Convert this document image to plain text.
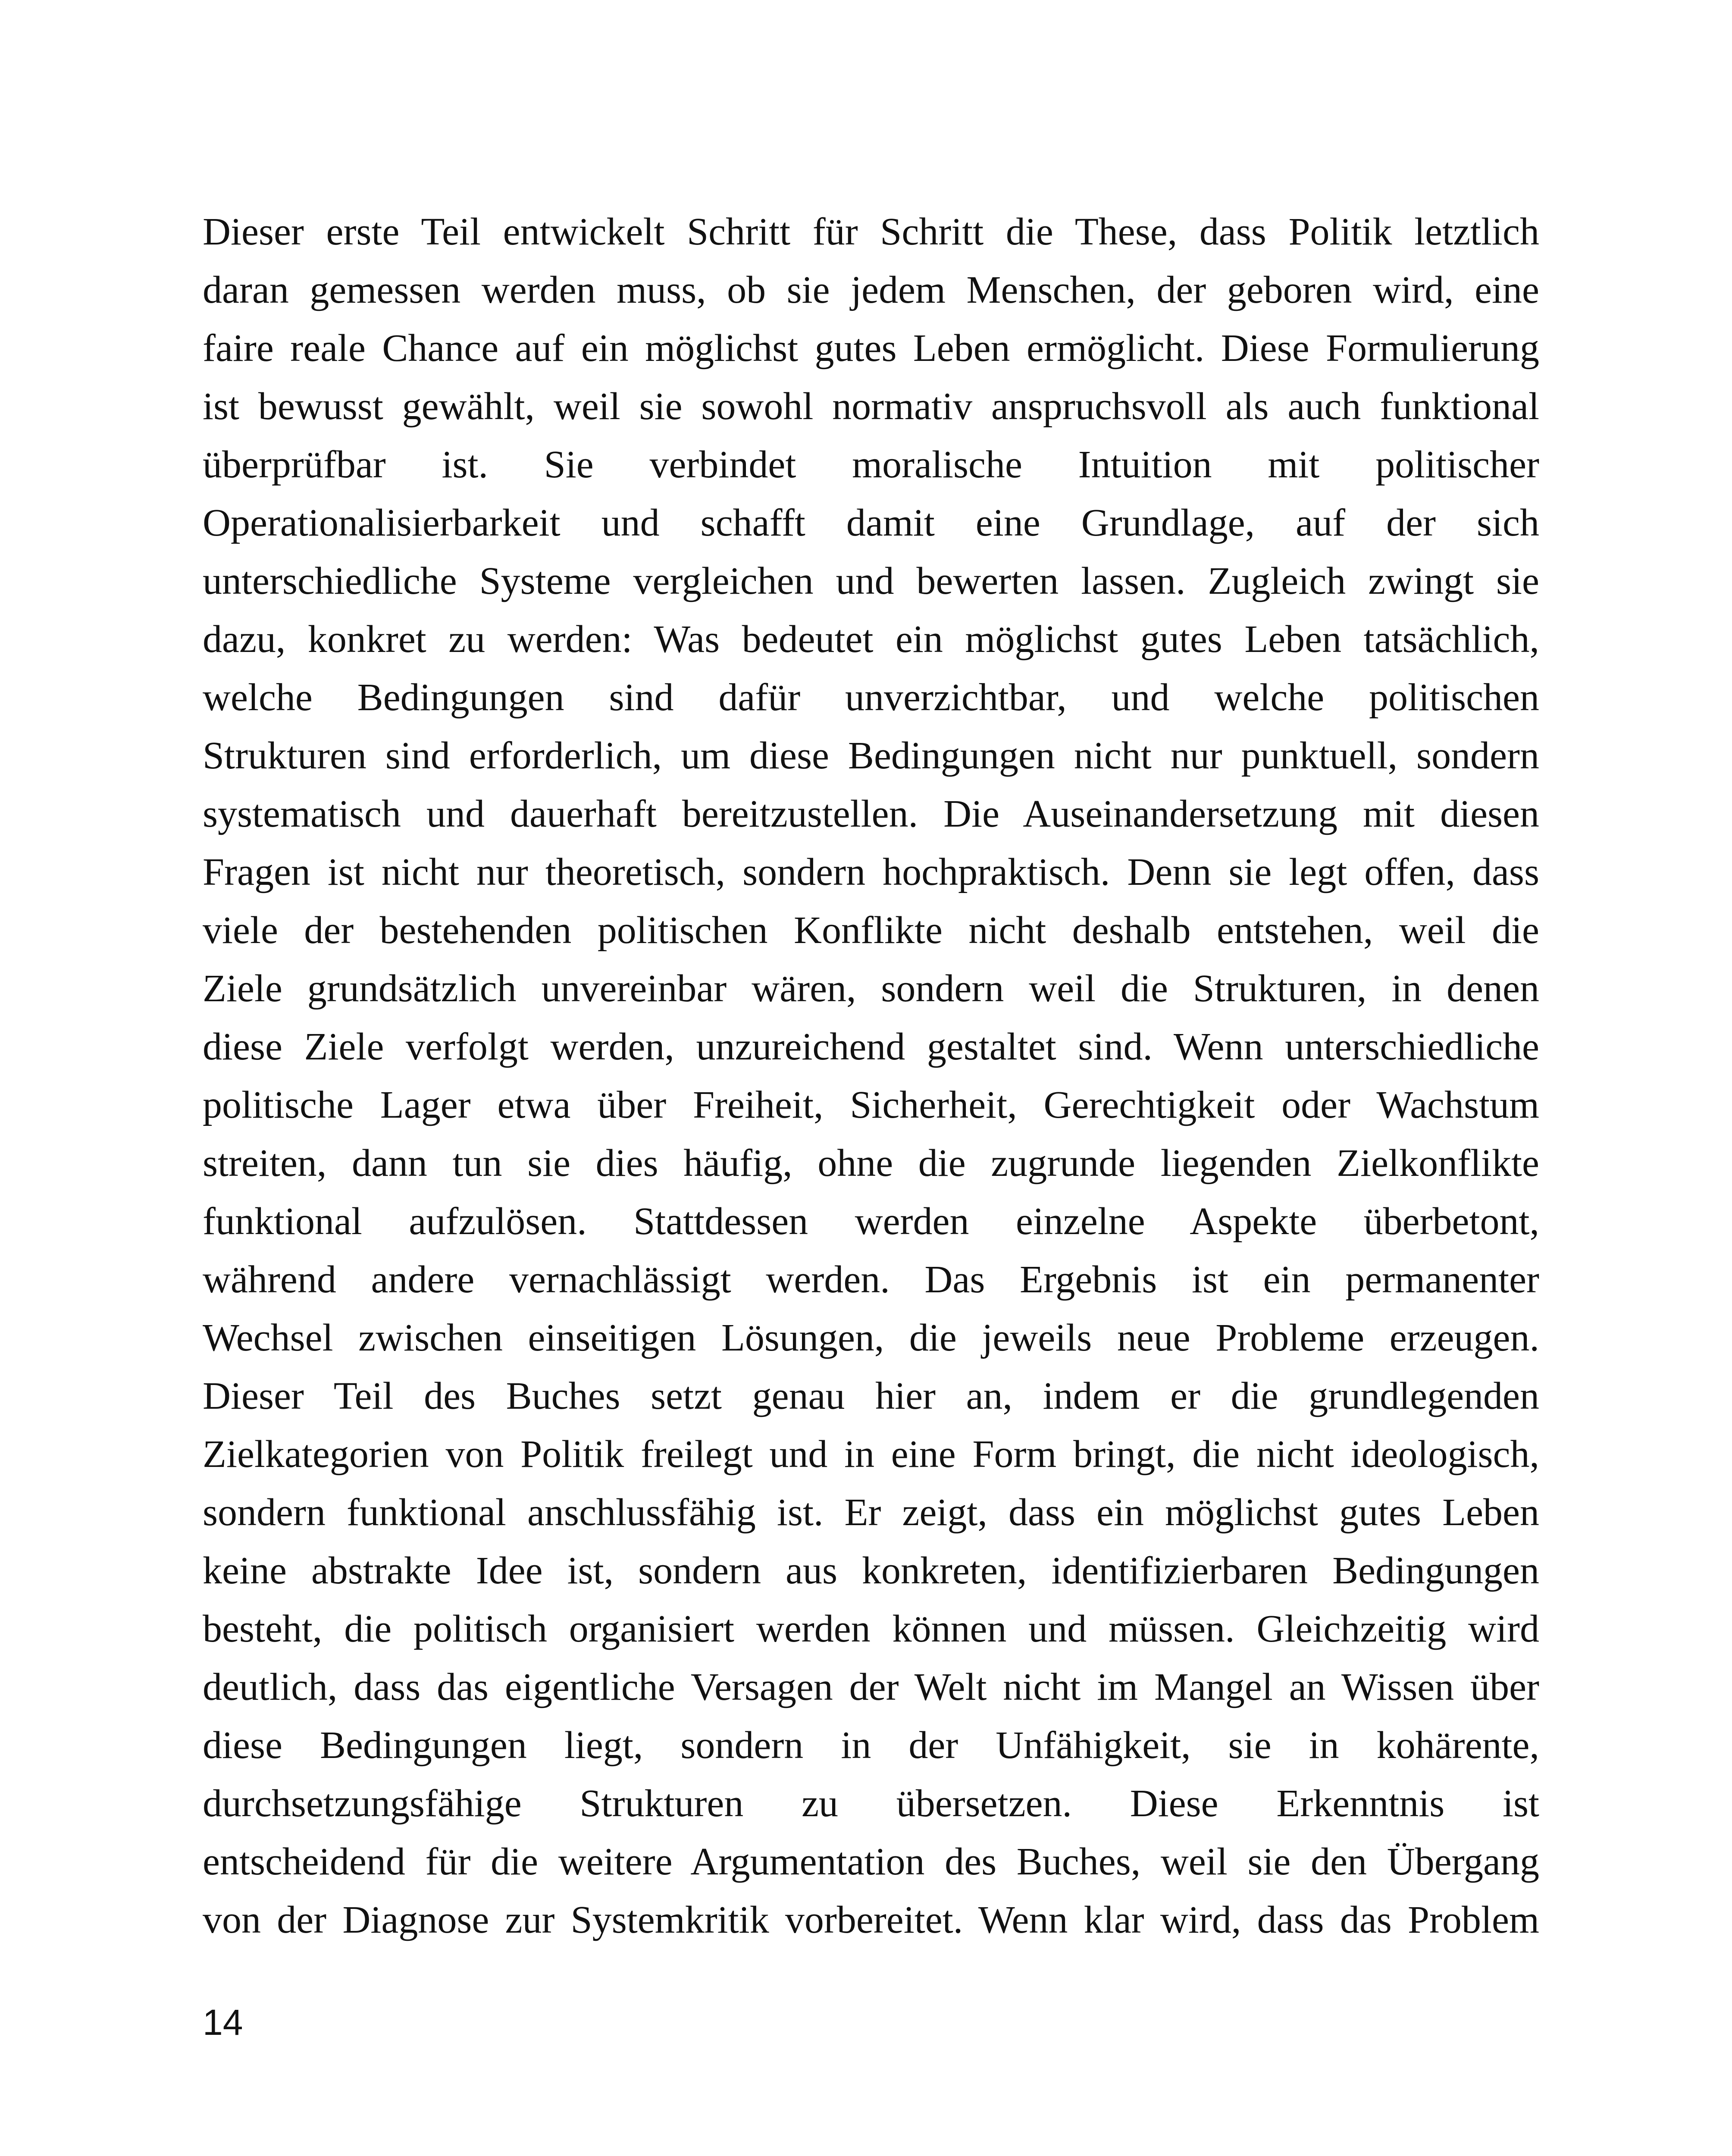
Dieser erste Teil entwickelt Schritt für Schritt die These, dass Politik letztlich
daran gemessen werden muss, ob sie jedem Menschen, der geboren wird, eine
faire reale Chance auf ein möglichst gutes Leben ermöglicht. Diese Formulierung
ist bewusst gewählt, weil sie sowohl normativ anspruchsvoll als auch funktional
überprüfbar ist. Sie verbindet moralische Intuition mit politischer
Operationalisierbarkeit und schafft damit eine Grundlage, auf der sich
unterschiedliche Systeme vergleichen und bewerten lassen. Zugleich zwingt sie
dazu, konkret zu werden: Was bedeutet ein möglichst gutes Leben tatsächlich,
welche Bedingungen sind dafür unverzichtbar, und welche politischen
Strukturen sind erforderlich, um diese Bedingungen nicht nur punktuell, sondern
systematisch und dauerhaft bereitzustellen. Die Auseinandersetzung mit diesen
Fragen ist nicht nur theoretisch, sondern hochpraktisch. Denn sie legt offen, dass
viele der bestehenden politischen Konflikte nicht deshalb entstehen, weil die
Ziele grundsätzlich unvereinbar wären, sondern weil die Strukturen, in denen
diese Ziele verfolgt werden, unzureichend gestaltet sind. Wenn unterschiedliche
politische Lager etwa über Freiheit, Sicherheit, Gerechtigkeit oder Wachstum
streiten, dann tun sie dies häufig, ohne die zugrunde liegenden Zielkonflikte
funktional aufzulösen. Stattdessen werden einzelne Aspekte überbetont,
während andere vernachlässigt werden. Das Ergebnis ist ein permanenter
Wechsel zwischen einseitigen Lösungen, die jeweils neue Probleme erzeugen.
Dieser Teil des Buches setzt genau hier an, indem er die grundlegenden
Zielkategorien von Politik freilegt und in eine Form bringt, die nicht ideologisch,
sondern funktional anschlussfähig ist. Er zeigt, dass ein möglichst gutes Leben
keine abstrakte Idee ist, sondern aus konkreten, identifizierbaren Bedingungen
besteht, die politisch organisiert werden können und müssen. Gleichzeitig wird
deutlich, dass das eigentliche Versagen der Welt nicht im Mangel an Wissen über
diese Bedingungen liegt, sondern in der Unfähigkeit, sie in kohärente,
durchsetzungsfähige Strukturen zu übersetzen. Diese Erkenntnis ist
entscheidend für die weitere Argumentation des Buches, weil sie den Übergang
von der Diagnose zur Systemkritik vorbereitet. Wenn klar wird, dass das Problem
14
